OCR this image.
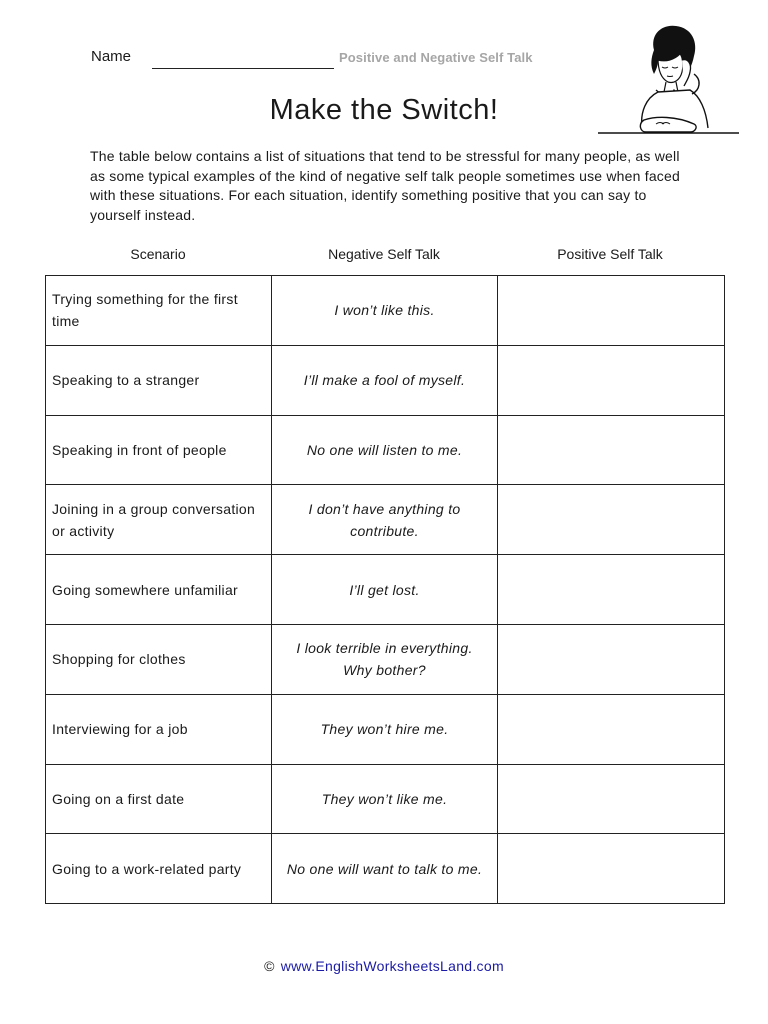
Name	Positive and Negative Self Talk
Make the Switch!

The table below contains a list of situations that tend to be stressful for many people, as well as some typical examples of the kind of negative self talk people sometimes use when faced with these situations. For each situation, identify something positive that you can say to yourself instead.

Scenario	Negative Self Talk	Positive Self Talk
Trying something for the first time	I won’t like this.	
Speaking to a stranger	I’ll make a fool of myself.	
Speaking in front of people	No one will listen to me.	
Joining in a group conversation or activity	I don’t have anything to contribute.	
Going somewhere unfamiliar	I’ll get lost.	
Shopping for clothes	I look terrible in everything. Why bother?	
Interviewing for a job	They won’t hire me.	
Going on a first date	They won’t like me.	
Going to a work-related party	No one will want to talk to me.	
© www.EnglishWorksheetsLand.com
